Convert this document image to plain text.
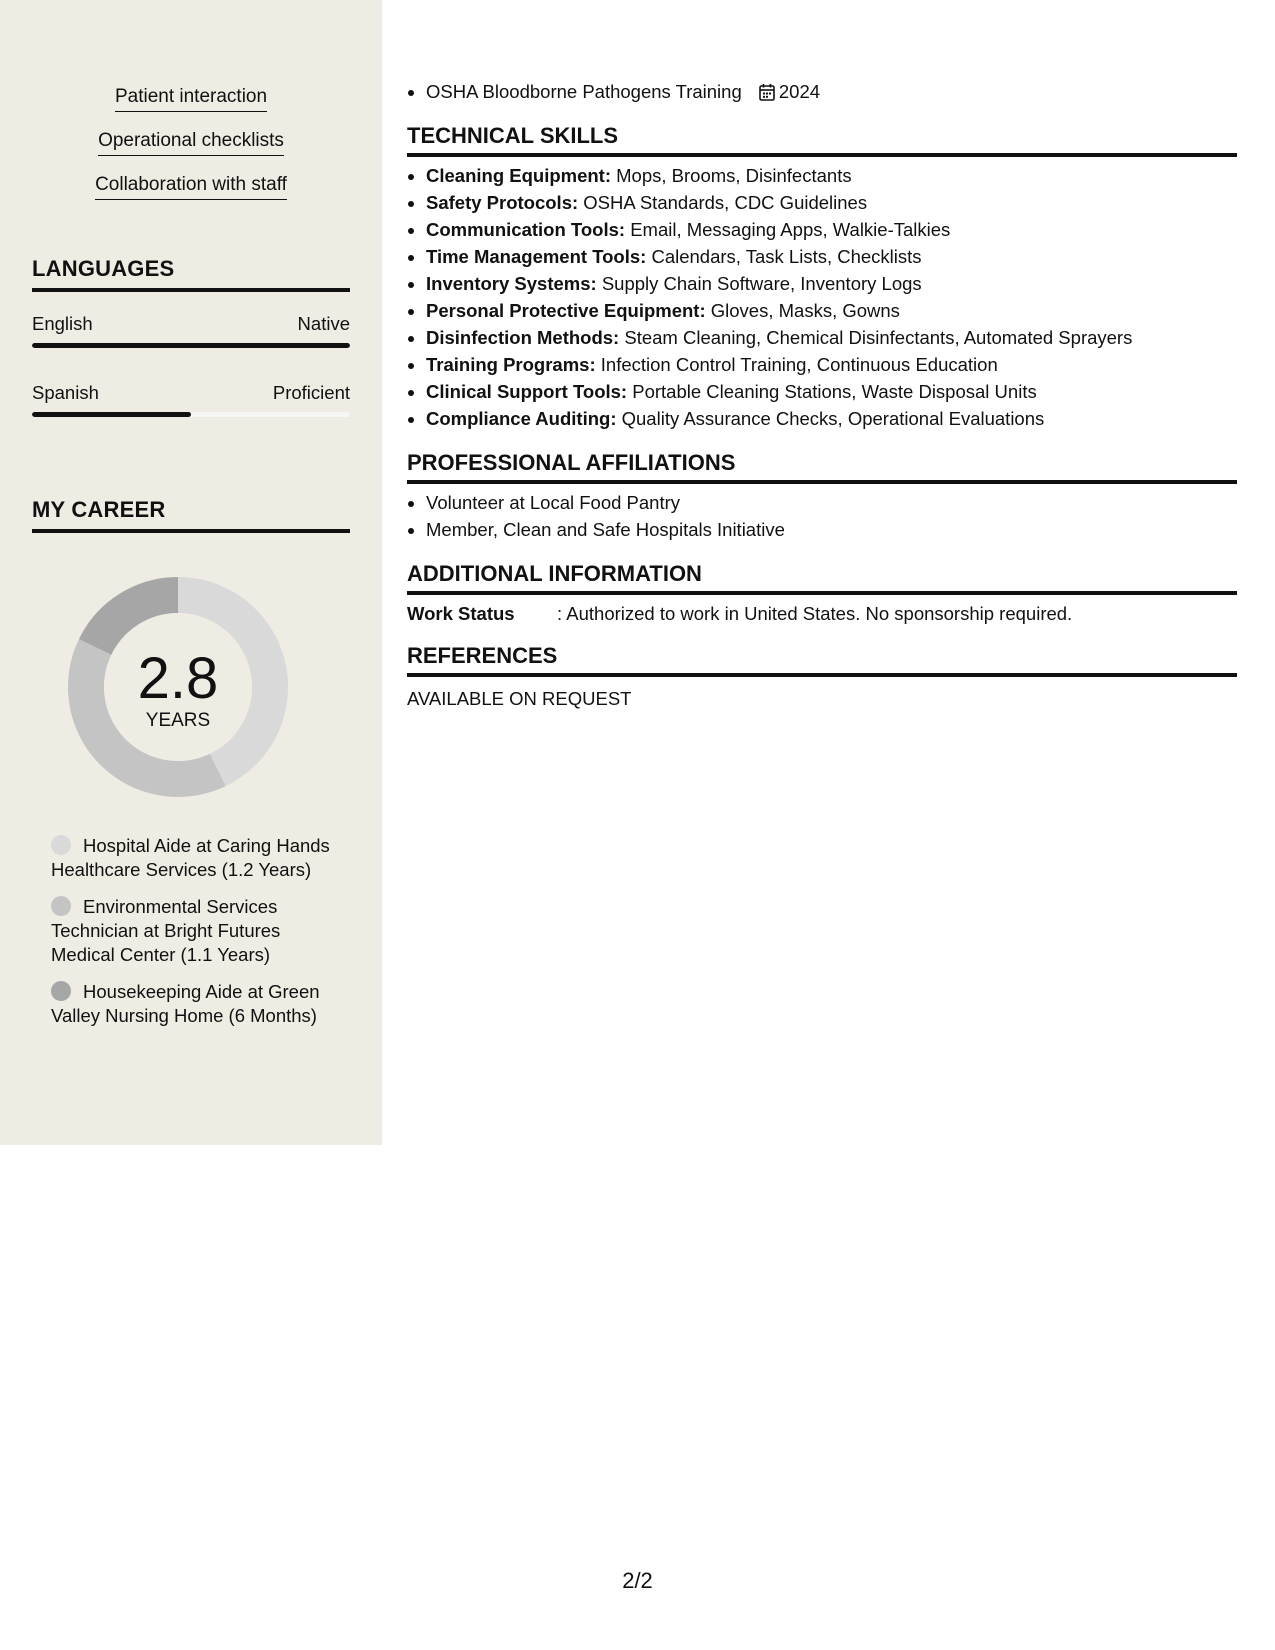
Patient interaction
Operational checklists
Collaboration with staff
LANGUAGES
English	Native
Spanish	Proficient
MY CAREER
2.8
YEARS
Hospital Aide at Caring Hands Healthcare Services (1.2 Years)
Environmental Services Technician at Bright Futures Medical Center (1.1 Years)
Housekeeping Aide at Green Valley Nursing Home (6 Months)
• OSHA Bloodborne Pathogens Training 2024
TECHNICAL SKILLS
• Cleaning Equipment: Mops, Brooms, Disinfectants
• Safety Protocols: OSHA Standards, CDC Guidelines
• Communication Tools: Email, Messaging Apps, Walkie-Talkies
• Time Management Tools: Calendars, Task Lists, Checklists
• Inventory Systems: Supply Chain Software, Inventory Logs
• Personal Protective Equipment: Gloves, Masks, Gowns
• Disinfection Methods: Steam Cleaning, Chemical Disinfectants, Automated Sprayers
• Training Programs: Infection Control Training, Continuous Education
• Clinical Support Tools: Portable Cleaning Stations, Waste Disposal Units
• Compliance Auditing: Quality Assurance Checks, Operational Evaluations
PROFESSIONAL AFFILIATIONS
• Volunteer at Local Food Pantry
• Member, Clean and Safe Hospitals Initiative
ADDITIONAL INFORMATION
Work Status	: Authorized to work in United States. No sponsorship required.
REFERENCES
AVAILABLE ON REQUEST
2/2
